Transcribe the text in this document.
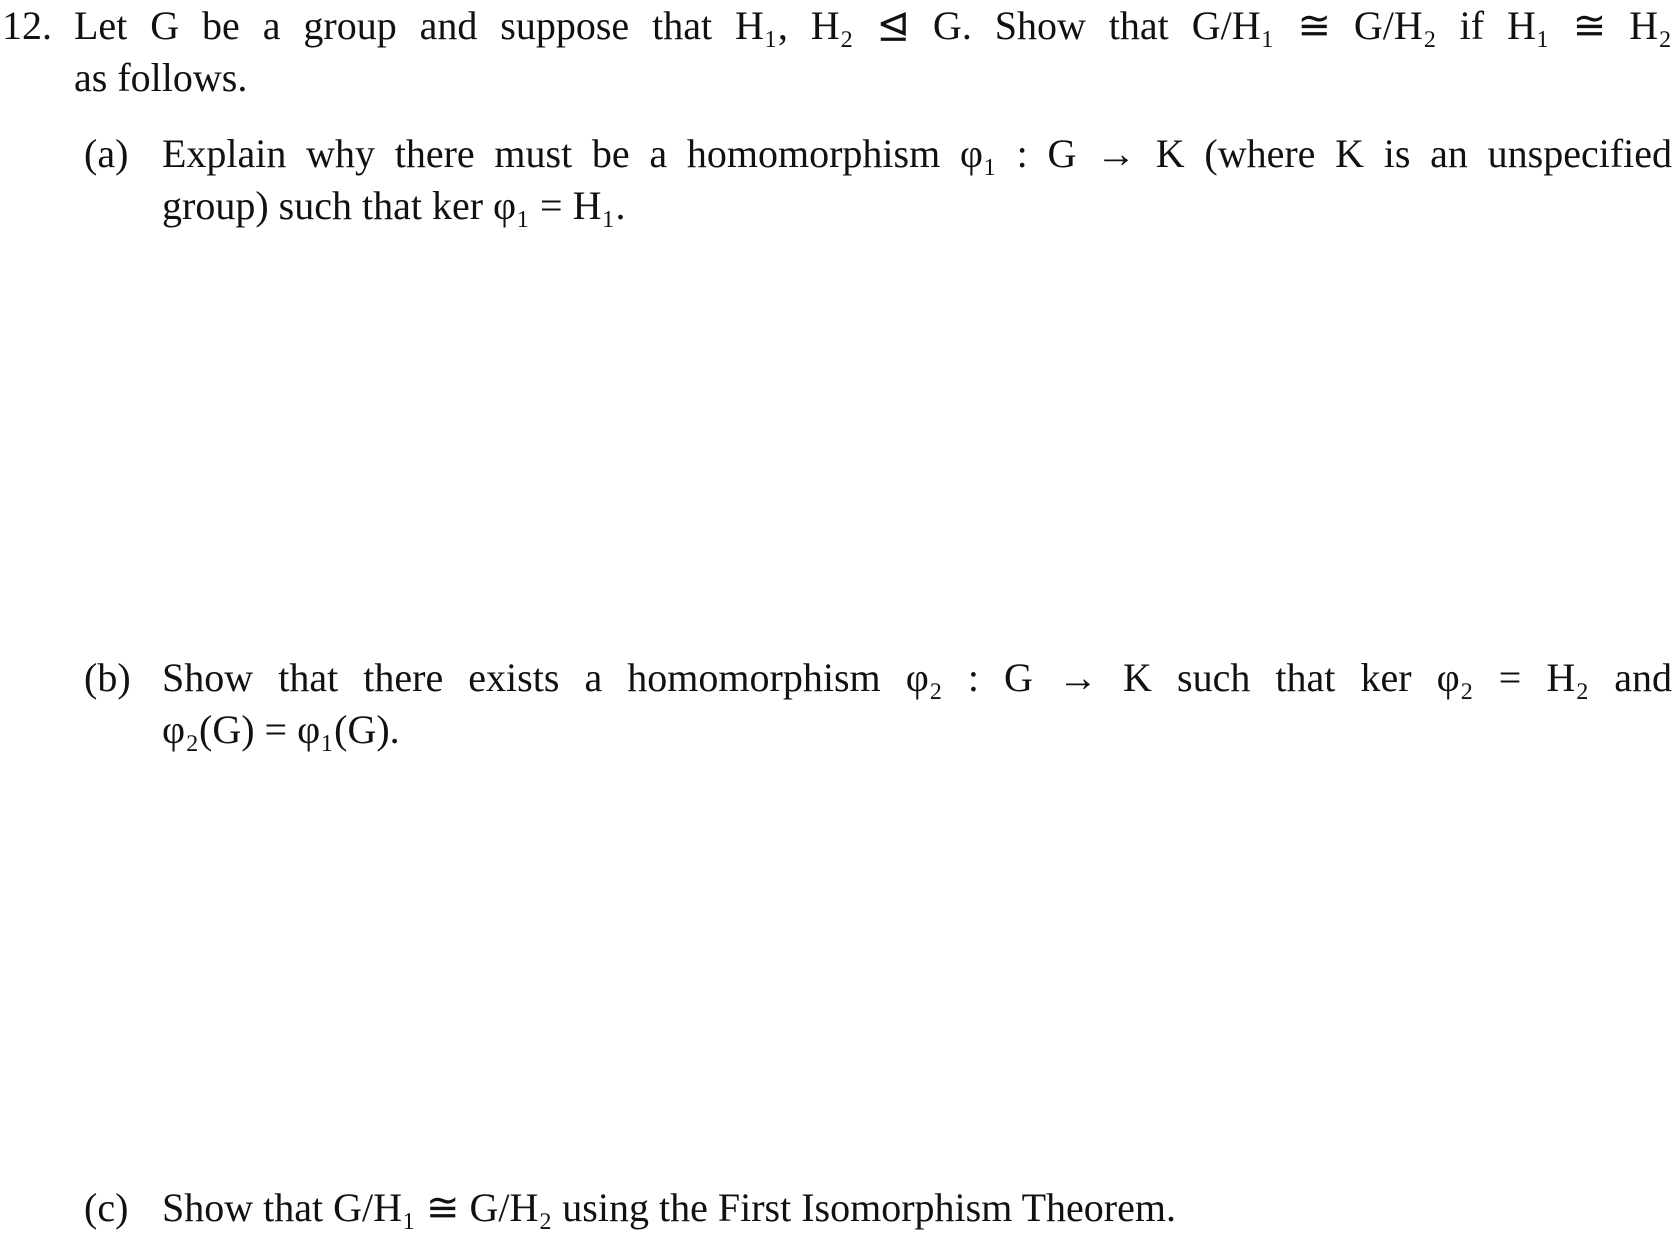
12. Let G be a group and suppose that H₁, H₂ ⊴ G. Show that G/H₁ ≅ G/H₂ if H₁ ≅ H₂
as follows.
(a) Explain why there must be a homomorphism φ₁ : G → K (where K is an unspecified
group) such that ker φ₁ = H₁.
(b) Show that there exists a homomorphism φ₂ : G → K such that ker φ₂ = H₂ and
φ₂(G) = φ₁(G).
(c) Show that G/H₁ ≅ G/H₂ using the First Isomorphism Theorem.
